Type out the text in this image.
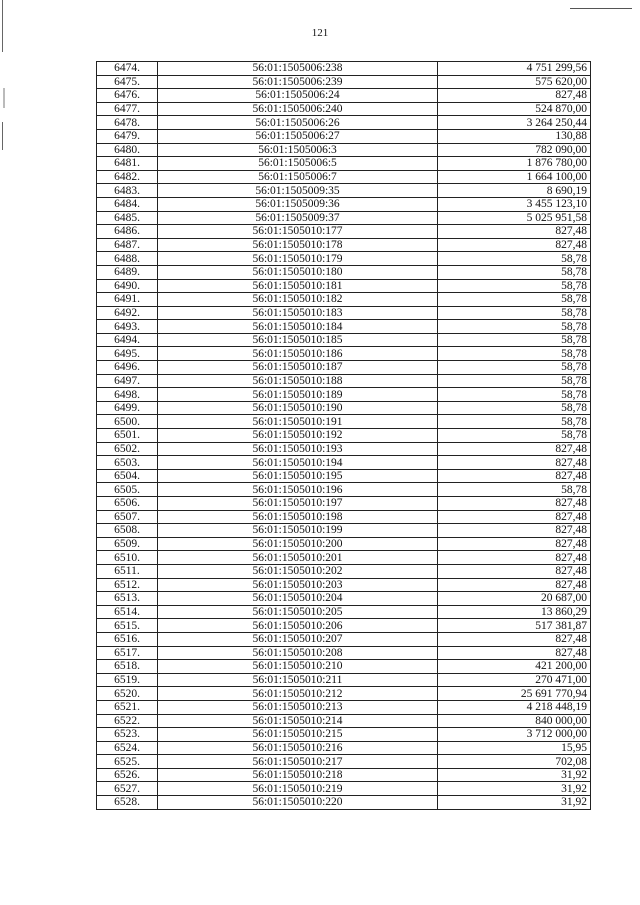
121
6474.	56:01:1505006:238	4 751 299,56
6475.	56:01:1505006:239	575 620,00
6476.	56:01:1505006:24	827,48
6477.	56:01:1505006:240	524 870,00
6478.	56:01:1505006:26	3 264 250,44
6479.	56:01:1505006:27	130,88
6480.	56:01:1505006:3	782 090,00
6481.	56:01:1505006:5	1 876 780,00
6482.	56:01:1505006:7	1 664 100,00
6483.	56:01:1505009:35	8 690,19
6484.	56:01:1505009:36	3 455 123,10
6485.	56:01:1505009:37	5 025 951,58
6486.	56:01:1505010:177	827,48
6487.	56:01:1505010:178	827,48
6488.	56:01:1505010:179	58,78
6489.	56:01:1505010:180	58,78
6490.	56:01:1505010:181	58,78
6491.	56:01:1505010:182	58,78
6492.	56:01:1505010:183	58,78
6493.	56:01:1505010:184	58,78
6494.	56:01:1505010:185	58,78
6495.	56:01:1505010:186	58,78
6496.	56:01:1505010:187	58,78
6497.	56:01:1505010:188	58,78
6498.	56:01:1505010:189	58,78
6499.	56:01:1505010:190	58,78
6500.	56:01:1505010:191	58,78
6501.	56:01:1505010:192	58,78
6502.	56:01:1505010:193	827,48
6503.	56:01:1505010:194	827,48
6504.	56:01:1505010:195	827,48
6505.	56:01:1505010:196	58,78
6506.	56:01:1505010:197	827,48
6507.	56:01:1505010:198	827,48
6508.	56:01:1505010:199	827,48
6509.	56:01:1505010:200	827,48
6510.	56:01:1505010:201	827,48
6511.	56:01:1505010:202	827,48
6512.	56:01:1505010:203	827,48
6513.	56:01:1505010:204	20 687,00
6514.	56:01:1505010:205	13 860,29
6515.	56:01:1505010:206	517 381,87
6516.	56:01:1505010:207	827,48
6517.	56:01:1505010:208	827,48
6518.	56:01:1505010:210	421 200,00
6519.	56:01:1505010:211	270 471,00
6520.	56:01:1505010:212	25 691 770,94
6521.	56:01:1505010:213	4 218 448,19
6522.	56:01:1505010:214	840 000,00
6523.	56:01:1505010:215	3 712 000,00
6524.	56:01:1505010:216	15,95
6525.	56:01:1505010:217	702,08
6526.	56:01:1505010:218	31,92
6527.	56:01:1505010:219	31,92
6528.	56:01:1505010:220	31,92
